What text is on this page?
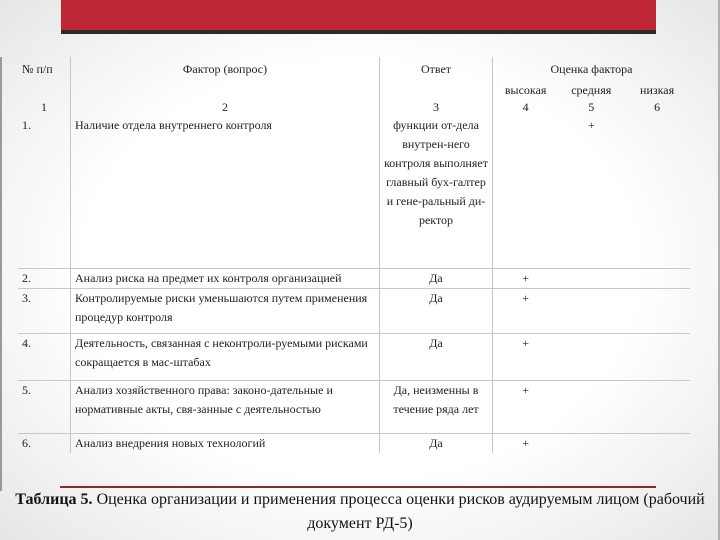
№ п/п	Фактор (вопрос)	Ответ	Оценка фактора		
			высокая	средняя	низкая
1	2	3	4	5	6
1.	Наличие отдела внутреннего контроля	функции от-дела внутрен-него контроля выполняет главный бух-галтер и гене-ральный ди-ректор		+	
2.	Анализ риска на предмет их контроля организацией	Да	+		
3.	Контролируемые риски уменьшаются путем применения процедур контроля	Да	+		
4.	Деятельность, связанная с неконтроли-руемыми рисками сокращается в мас-штабах	Да	+		
5.	Анализ хозяйственного права: законо-дательные и нормативные акты, свя-занные с деятельностью	Да, неизменны в течение ряда лет	+		
6.	Анализ внедрения новых технологий	Да	+		
Таблица 5. Оценка организации и применения процесса оценки рисков аудируемым лицом (рабочий документ РД-5)
